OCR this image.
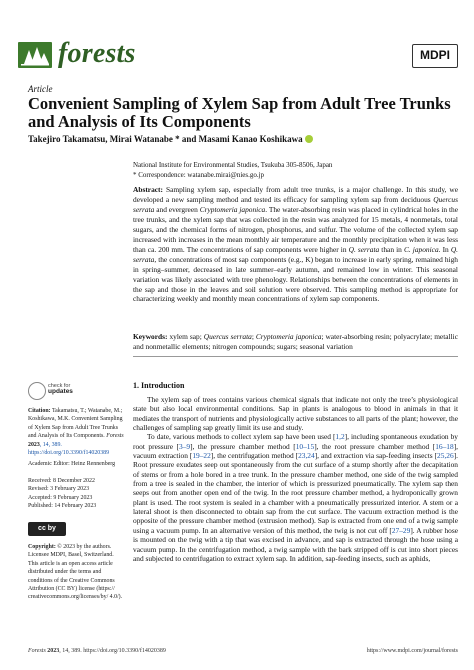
forests	MDPI
Article
Convenient Sampling of Xylem Sap from Adult Tree Trunks and Analysis of Its Components
Takejiro Takamatsu, Mirai Watanabe * and Masami Kanao Koshikawa
National Institute for Environmental Studies, Tsukuba 305-8506, Japan
* Correspondence: watanabe.mirai@nies.go.jp
Abstract: Sampling xylem sap, especially from adult tree trunks, is a major challenge. In this study, we developed a new sampling method and tested its efficacy for sampling xylem sap from deciduous Quercus serrata and evergreen Cryptomeria japonica. The water-absorbing resin was placed in cylindrical holes in the tree trunks, and the xylem sap that was collected in the resin was analyzed for 15 metals, 4 nonmetals, total sugars, and the chemical forms of nitrogen, phosphorus, and sulfur. The volume of the collected xylem sap increased with increases in the mean monthly air temperature and the monthly precipitation when it was less than ca. 200 mm. The concentrations of sap components were higher in Q. serrata than in C. japonica. In Q. serrata, the concentrations of most sap components (e.g., K) began to increase in early spring, remained high in spring–summer, decreased in late summer–early autumn, and remained low in winter. This seasonal variation was likely associated with tree phenology. Relationships between the concentrations of elements in the sap and those in the leaves and soil solution were observed. This sampling method is appropriate for characterizing weekly and monthly mean concentrations of xylem sap components.
Keywords: xylem sap; Quercus serrata; Cryptomeria japonica; water-absorbing resin; polyacrylate; metallic and nonmetallic elements; nitrogen compounds; sugars; seasonal variation
check for
updates
Citation: Takamatsu, T.; Watanabe, M.; Koshikawa, M.K. Convenient Sampling of Xylem Sap from Adult Tree Trunks and Analysis of Its Components. Forests 2023, 14, 389. https://doi.org/10.3390/f14020389
Academic Editor: Heinz Rennenberg
Received: 8 December 2022
Revised: 3 February 2023
Accepted: 9 February 2023
Published: 14 February 2023
cc by
Copyright: © 2023 by the authors. Licensee MDPI, Basel, Switzerland. This article is an open access article distributed under the terms and conditions of the Creative Commons Attribution (CC BY) license (https:// creativecommons.org/licenses/by/ 4.0/).
1. Introduction

The xylem sap of trees contains various chemical signals that indicate not only the tree’s physiological state but also local environmental conditions. Sap in plants is analogous to blood in animals in that it mediates the transport of nutrients and physiologically active substances to all parts of the plant; however, the challenges of sampling sap greatly limit its use and study.

To date, various methods to collect xylem sap have been used [1,2], including spontaneous exudation by root pressure [3–9], the pressure chamber method [10–15], the root pressure chamber method [16–18], vacuum extraction [19–22], the centrifugation method [23,24], and extraction via sap-feeding insects [25,26]. Root pressure exudates seep out spontaneously from the cut surface of a stump shortly after the decapitation of stems or from a hole bored in a tree trunk. In the pressure chamber method, one side of the twig sampled from a tree is sealed in the chamber, the interior of which is pressurized pneumatically. The xylem sap then seeps out from another open end of the twig. In the root pressure chamber method, a hydroponically grown plant is used. The root system is sealed in a chamber with a pneumatically pressurized interior. A stem or a lateral shoot is then disconnected to obtain sap from the cut surface. The vacuum extraction method is the opposite of the pressure chamber method (extrusion method). Sap is extracted from one end of a twig sample using a vacuum pump. In an alternative version of this method, the twig is not cut off [27–29]. A rubber hose is mounted on the twig with a tip that was excised in advance, and sap is extracted through the hose using a vacuum pump. In the centrifugation method, a twig sample with the bark stripped off is cut into short pieces and subjected to centrifugation to extract xylem sap. In addition, sap-feeding insects, such as aphids,

Forests 2023, 14, 389. https://doi.org/10.3390/f14020389	https://www.mdpi.com/journal/forests
